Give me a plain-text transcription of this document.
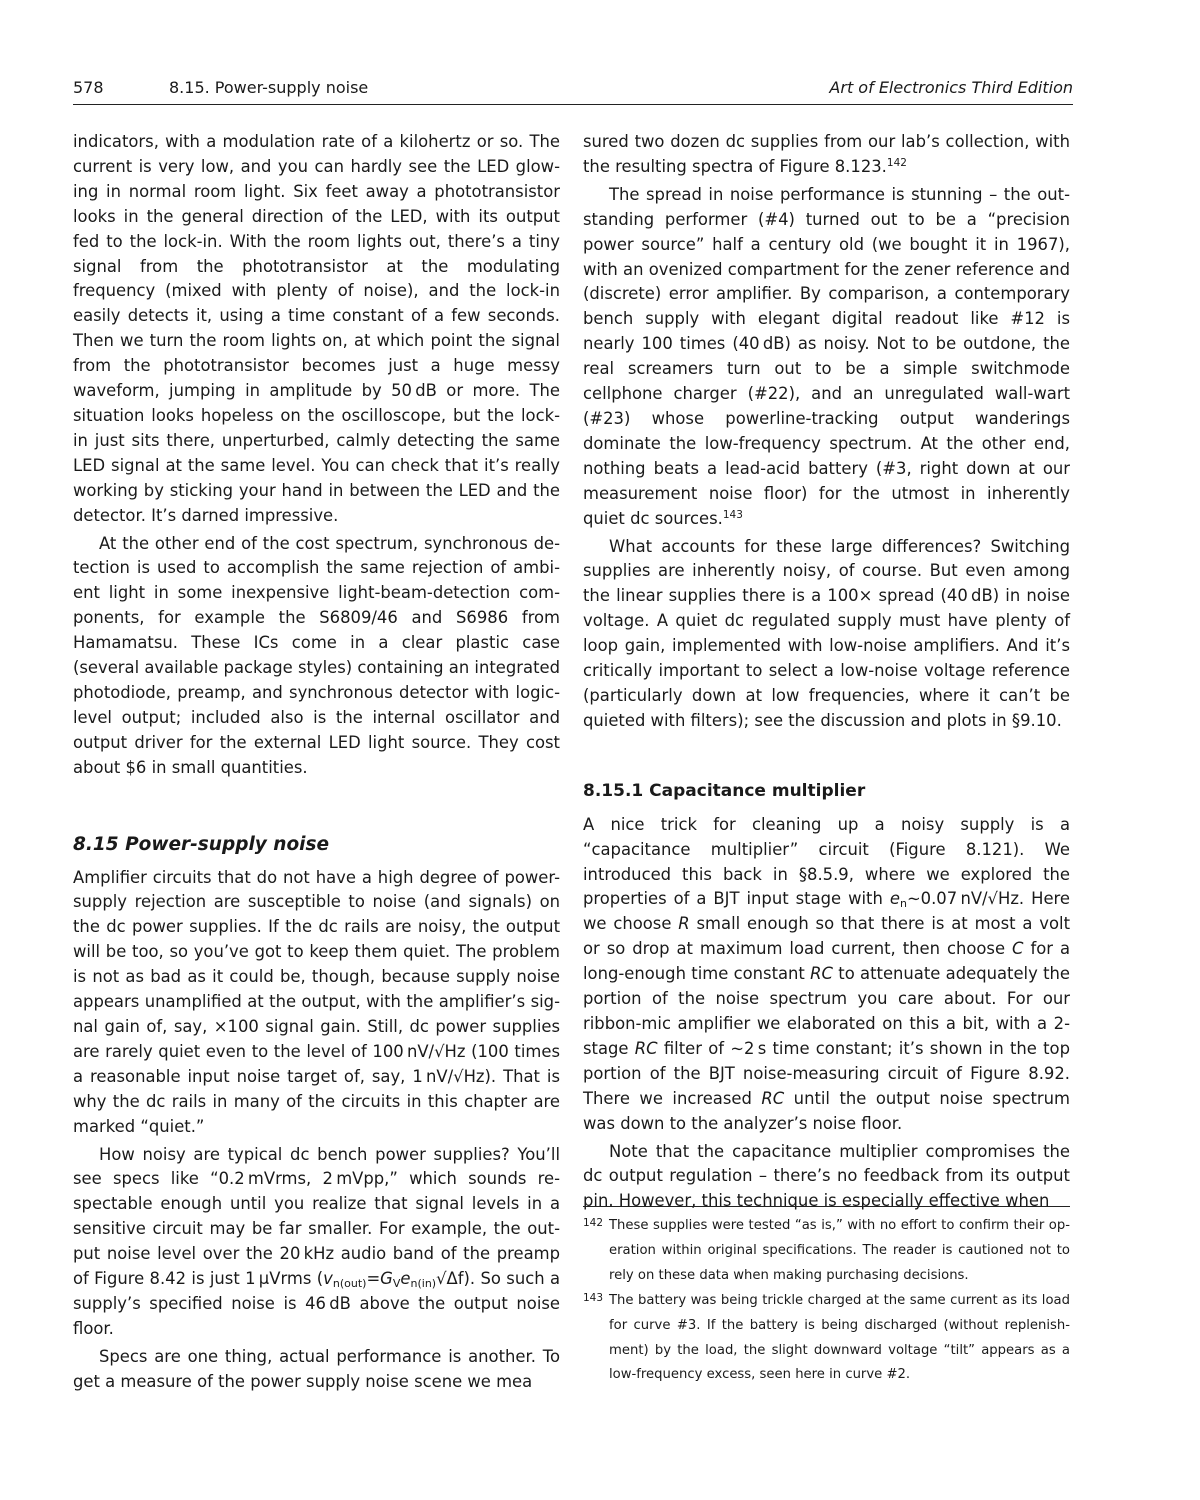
578	8.15. Power-supply noise	Art of Electronics Third Edition

indicators, with a modulation rate of a kilohertz or so. The current is very low, and you can hardly see the LED glowing in normal room light. Six feet away a phototransistor looks in the general direction of the LED, with its output fed to the lock-in. With the room lights out, there’s a tiny signal from the phototransistor at the modulating frequency (mixed with plenty of noise), and the lock-in easily detects it, using a time constant of a few seconds. Then we turn the room lights on, at which point the signal from the phototransistor becomes just a huge messy waveform, jumping in amplitude by 50 dB or more. The situation looks hopeless on the oscilloscope, but the lock-in just sits there, unperturbed, calmly detecting the same LED signal at the same level. You can check that it’s really working by sticking your hand in between the LED and the detector. It’s darned impressive.

At the other end of the cost spectrum, synchronous detection is used to accomplish the same rejection of ambient light in some inexpensive light-beam-detection components, for example the S6809/46 and S6986 from Hamamatsu. These ICs come in a clear plastic case (several available package styles) containing an integrated photodiode, preamp, and synchronous detector with logic-level output; included also is the internal oscillator and output driver for the external LED light source. They cost about $6 in small quantities.

8.15 Power-supply noise

Amplifier circuits that do not have a high degree of power-supply rejection are susceptible to noise (and signals) on the dc power supplies. If the dc rails are noisy, the output will be too, so you’ve got to keep them quiet. The problem is not as bad as it could be, though, because supply noise appears unamplified at the output, with the amplifier’s signal gain of, say, ×100 signal gain. Still, dc power supplies are rarely quiet even to the level of 100 nV/√Hz (100 times a reasonable input noise target of, say, 1 nV/√Hz). That is why the dc rails in many of the circuits in this chapter are marked “quiet.”

How noisy are typical dc bench power supplies? You’ll see specs like “0.2 mVrms, 2 mVpp,” which sounds respectable enough until you realize that signal levels in a sensitive circuit may be far smaller. For example, the output noise level over the 20 kHz audio band of the preamp of Figure 8.42 is just 1 μVrms $(v_{n(out)}=G_Ve_{n(in)}√\Delta f)$. So such a supply’s specified noise is 46 dB above the output noise floor.

Specs are one thing, actual performance is another. To get a measure of the power supply noise scene we mea

sured two dozen dc supplies from our lab’s collection, with the resulting spectra of Figure 8.123.$^{142}$

The spread in noise performance is stunning – the outstanding performer (#4) turned out to be a “precision power source” half a century old (we bought it in 1967), with an ovenized compartment for the zener reference and (discrete) error amplifier. By comparison, a contemporary bench supply with elegant digital readout like #12 is nearly 100 times (40 dB) as noisy. Not to be outdone, the real screamers turn out to be a simple switchmode cellphone charger (#22), and an unregulated wall-wart (#23) whose powerline-tracking output wanderings dominate the low-frequency spectrum. At the other end, nothing beats a lead-acid battery (#3, right down at our measurement noise floor) for the utmost in inherently quiet dc sources.$^{143}$

What accounts for these large differences? Switching supplies are inherently noisy, of course. But even among the linear supplies there is a 100× spread (40 dB) in noise voltage. A quiet dc regulated supply must have plenty of loop gain, implemented with low-noise amplifiers. And it’s critically important to select a low-noise voltage reference (particularly down at low frequencies, where it can’t be quieted with filters); see the discussion and plots in §9.10.

8.15.1 Capacitance multiplier

A nice trick for cleaning up a noisy supply is a “capacitance multiplier” circuit (Figure 8.121). We introduced this back in §8.5.9, where we explored the properties of a BJT input stage with $e_n\sim 0.07$ nV/√Hz. Here we choose R small enough so that there is at most a volt or so drop at maximum load current, then choose C for a long-enough time constant RC to attenuate adequately the portion of the noise spectrum you care about. For our ribbon-mic amplifier we elaborated on this a bit, with a 2-stage RC filter of ∼2 s time constant; it’s shown in the top portion of the BJT noise-measuring circuit of Figure 8.92. There we increased RC until the output noise spectrum was down to the analyzer’s noise floor.

Note that the capacitance multiplier compromises the dc output regulation – there’s no feedback from its output pin. However, this technique is especially effective when

142 These supplies were tested “as is,” with no effort to confirm their operation within original specifications. The reader is cautioned not to rely on these data when making purchasing decisions.
143 The battery was being trickle charged at the same current as its load for curve #3. If the battery is being discharged (without replenishment) by the load, the slight downward voltage “tilt” appears as a low-frequency excess, seen here in curve #2.
